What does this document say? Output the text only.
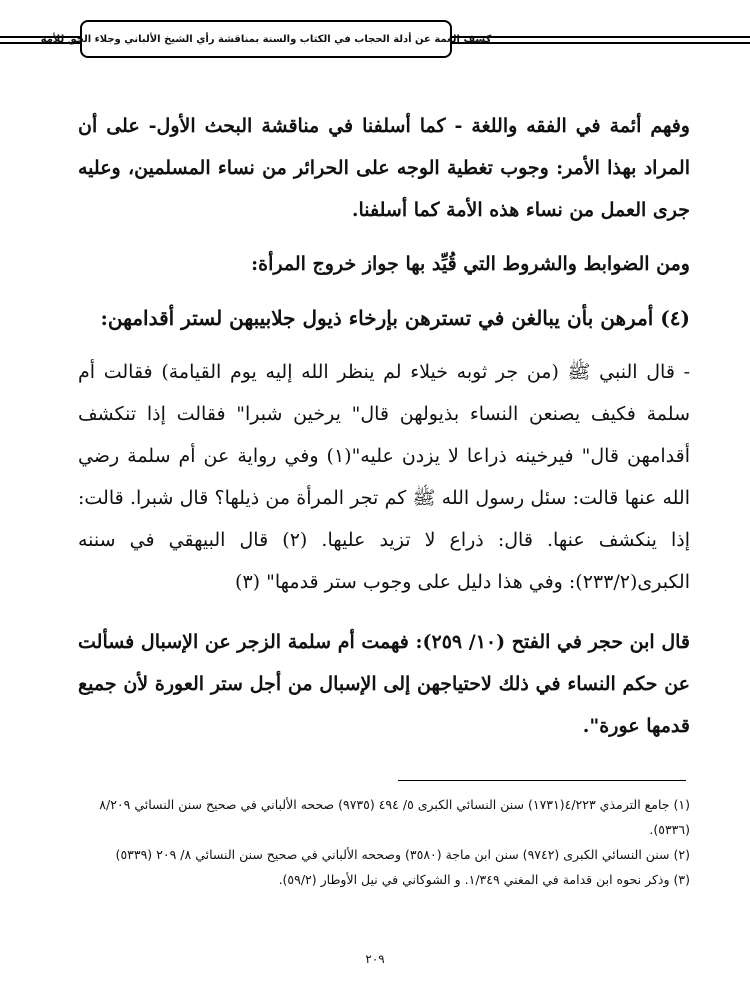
كشف الغمة عن أدلة الحجاب في الكتاب والسنة بمناقشة رأي الشيخ الألباني وجلاء الحق للأمة

وفهم أئمة في الفقه واللغة - كما أسلفنا في مناقشة البحث الأول- على أن المراد بهذا الأمر: وجوب تغطية الوجه على الحرائر من نساء المسلمين، وعليه جرى العمل من نساء هذه الأمة كما أسلفنا.

ومن الضوابط والشروط التي قُيِّد بها جواز خروج المرأة:

(٤) أمرهن بأن يبالغن في تسترهن بإرخاء ذيول جلابيبهن لستر أقدامهن:

- قال النبي ﷺ (من جر ثوبه خيلاء لم ينظر الله إليه يوم القيامة) فقالت أم سلمة فكيف يصنعن النساء بذيولهن قال" يرخين شبرا" فقالت إذا تنكشف أقدامهن قال" فيرخينه ذراعا لا يزدن عليه"(١) وفي رواية عن أم سلمة رضي الله عنها قالت: سئل رسول الله ﷺ كم تجر المرأة من ذيلها؟ قال شبرا. قالت: إذا ينكشف عنها. قال: ذراع لا تزيد عليها. (٢) قال البيهقي في سننه الكبرى(٢٣٣/٢): وفي هذا دليل على وجوب ستر قدمها" (٣)

قال ابن حجر في الفتح (١٠/ ٢٥٩): فهمت أم سلمة الزجر عن الإسبال فسألت عن حكم النساء في ذلك لاحتياجهن إلى الإسبال من أجل ستر العورة لأن جميع قدمها عورة".

(١) جامع الترمذي ٤/٢٢٣(١٧٣١) سنن النسائي الكبرى ٥/ ٤٩٤ (٩٧٣٥) صححه الألباني في صحيح سنن النسائي ٨/٢٠٩ (٥٣٣٦).

(٢) سنن النسائي الكبرى (٩٧٤٢) سنن ابن ماجة (٣٥٨٠) وصححه الألباني في صحيح سنن النسائي ٨/ ٢٠٩ (٥٣٣٩)

(٣) وذكر نحوه ابن قدامة في المغني ١/٣٤٩. و الشوكاني في نيل الأوطار (٥٩/٢).

٢٠٩
